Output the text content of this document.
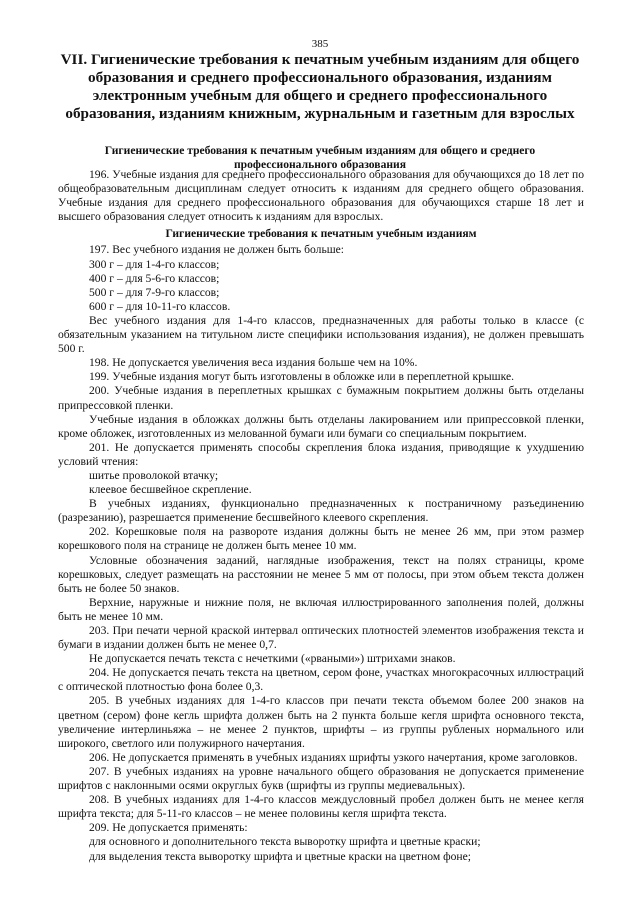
385
VII. Гигиенические требования к печатным учебным изданиям для общего образования и среднего профессионального образования, изданиям электронным учебным для общего и среднего профессионального образования, изданиям книжным, журнальным и газетным для взрослых
Гигиенические требования к печатным учебным изданиям для общего и среднего профессионального образования

196. Учебные издания для среднего профессионального образования для обучающихся до 18 лет по общеобразовательным дисциплинам следует относить к изданиям для среднего общего образования. Учебные издания для среднего профессионального образования для обучающихся старше 18 лет и высшего образования следует относить к изданиям для взрослых.

Гигиенические требования к печатным учебным изданиям

197. Вес учебного издания не должен быть больше:

300 г – для 1-4-го классов;

400 г – для 5-6-го классов;

500 г – для 7-9-го классов;

600 г – для 10-11-го классов.

Вес учебного издания для 1-4-го классов, предназначенных для работы только в классе (с обязательным указанием на титульном листе специфики использования издания), не должен превышать 500 г.

198. Не допускается увеличения веса издания больше чем на 10%.

199. Учебные издания могут быть изготовлены в обложке или в переплетной крышке.

200. Учебные издания в переплетных крышках с бумажным покрытием должны быть отделаны припрессовкой пленки.

Учебные издания в обложках должны быть отделаны лакированием или припрессовкой пленки, кроме обложек, изготовленных из мелованной бумаги или бумаги со специальным покрытием.

201. Не допускается применять способы скрепления блока издания, приводящие к ухудшению условий чтения:

шитье проволокой втачку;

клеевое бесшвейное скрепление.

В учебных изданиях, функционально предназначенных к постраничному разъединению (разрезанию), разрешается применение бесшвейного клеевого скрепления.

202. Корешковые поля на развороте издания должны быть не менее 26 мм, при этом размер корешкового поля на странице не должен быть менее 10 мм.

Условные обозначения заданий, наглядные изображения, текст на полях страницы, кроме корешковых, следует размещать на расстоянии не менее 5 мм от полосы, при этом объем текста должен быть не более 50 знаков.

Верхние, наружные и нижние поля, не включая иллюстрированного заполнения полей, должны быть не менее 10 мм.

203. При печати черной краской интервал оптических плотностей элементов изображения текста и бумаги в издании должен быть не менее 0,7.

Не допускается печать текста с нечеткими («рваными») штрихами знаков.

204. Не допускается печать текста на цветном, сером фоне, участках многокрасочных иллюстраций с оптической плотностью фона более 0,3.

205. В учебных изданиях для 1-4-го классов при печати текста объемом более 200 знаков на цветном (сером) фоне кегль шрифта должен быть на 2 пункта больше кегля шрифта основного текста, увеличение интерлиньяжа – не менее 2 пунктов, шрифты – из группы рубленых нормального или широкого, светлого или полужирного начертания.

206. Не допускается применять в учебных изданиях шрифты узкого начертания, кроме заголовков.

207. В учебных изданиях на уровне начального общего образования не допускается применение шрифтов с наклонными осями округлых букв (шрифты из группы медиевальных).

208. В учебных изданиях для 1-4-го классов междусловный пробел должен быть не менее кегля шрифта текста; для 5-11-го классов – не менее половины кегля шрифта текста.

209. Не допускается применять:

для основного и дополнительного текста выворотку шрифта и цветные краски;

для выделения текста выворотку шрифта и цветные краски на цветном фоне;
